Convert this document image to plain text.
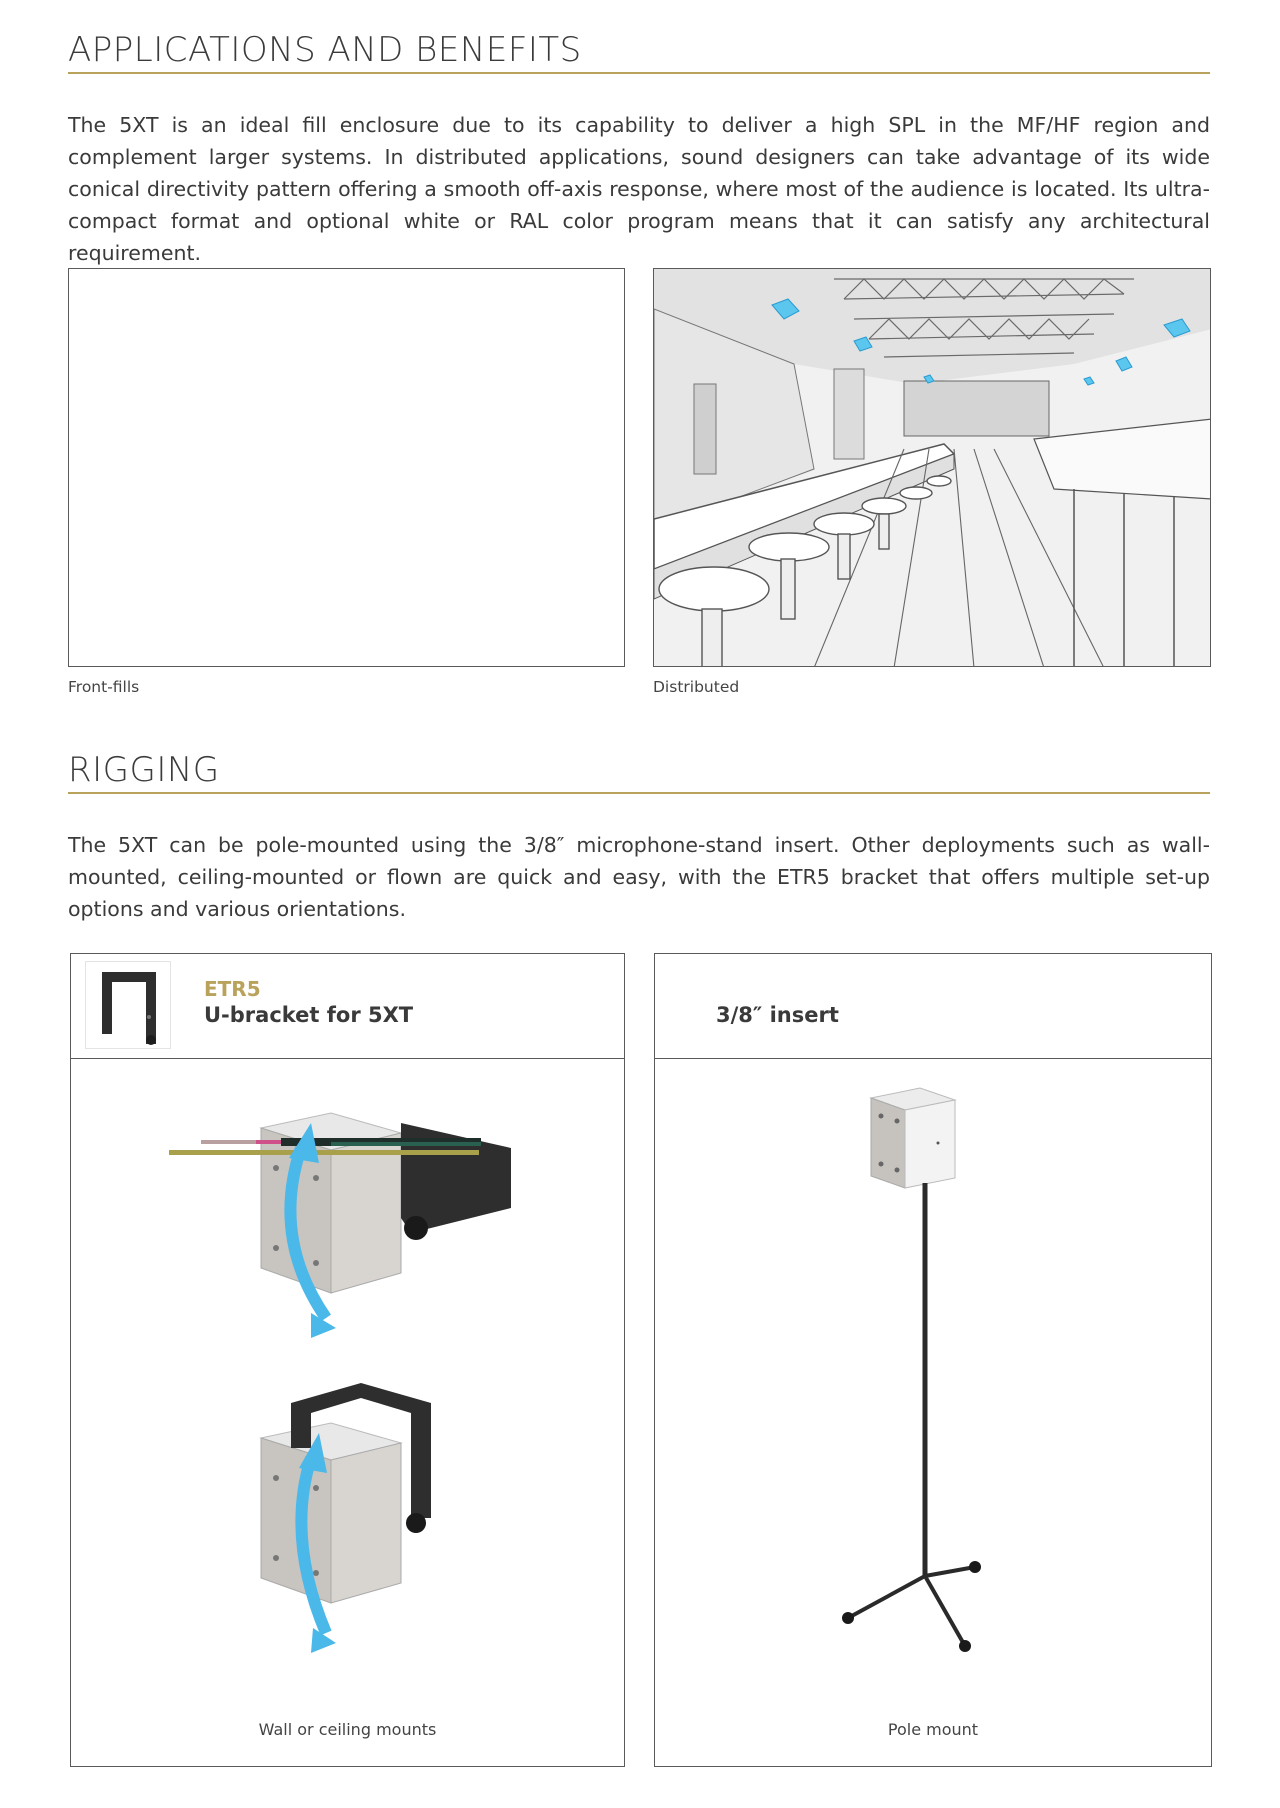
APPLICATIONS AND BENEFITS

The 5XT is an ideal fill enclosure due to its capability to deliver a high SPL in the MF/HF region and complement larger systems. In distributed applications, sound designers can take advantage of its wide conical directivity pattern offering a smooth off-axis response, where most of the audience is located. Its ultra-compact format and optional white or RAL color program means that it can satisfy any architectural requirement.

Front-fills	Distributed
RIGGING

The 5XT can be pole-mounted using the 3/8″ microphone-stand insert. Other deployments such as wall-mounted, ceiling-mounted or flown are quick and easy, with the ETR5 bracket that offers multiple set-up options and various orientations.

ETR5
U-bracket for 5XT
Wall or ceiling mounts
3/8″ insert
Pole mount
